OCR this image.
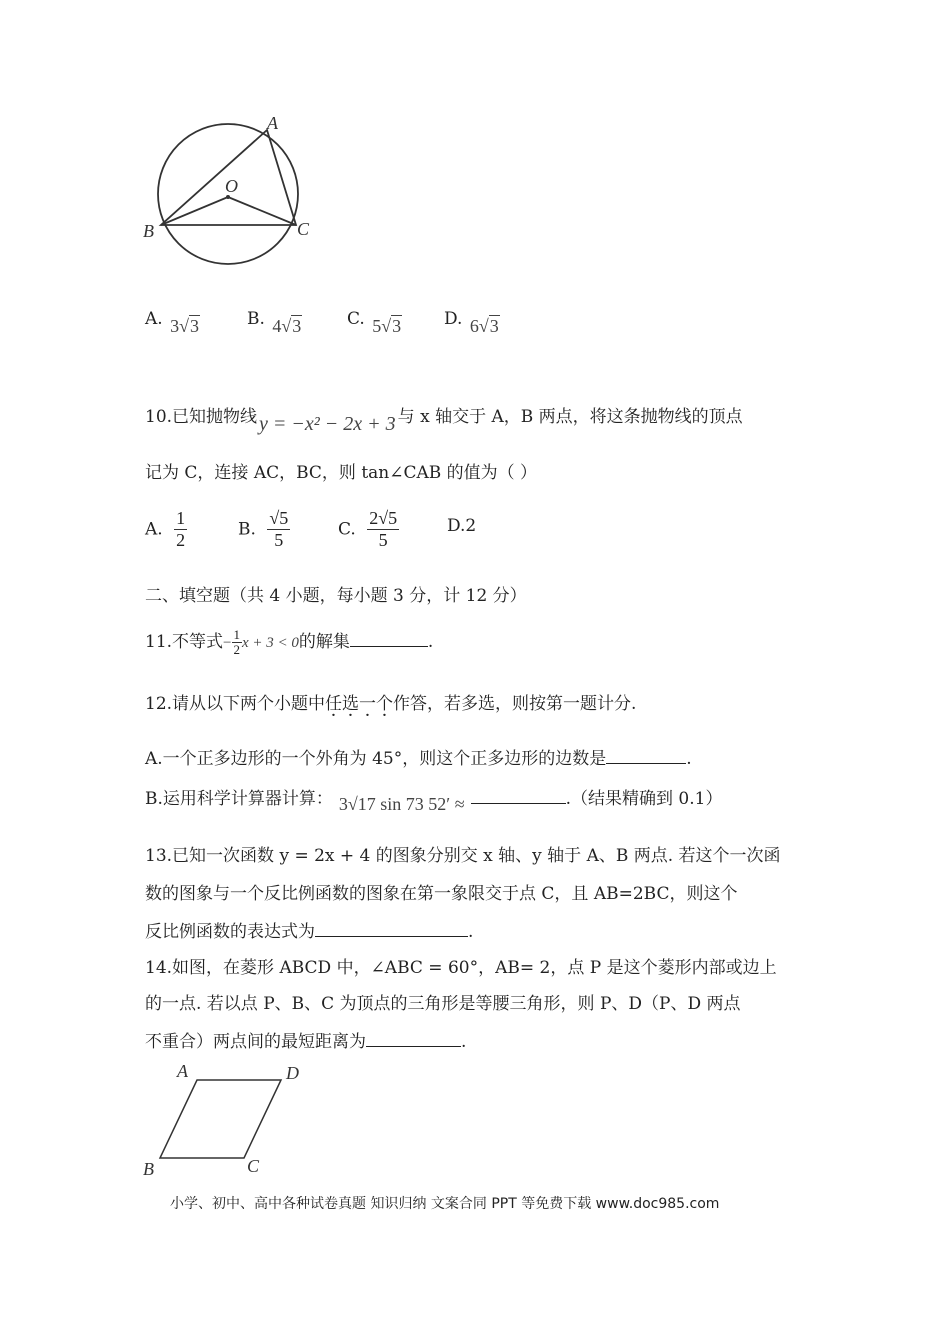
A
O
B	C
A. 3√3	B. 4√3	C. 5√3	D. 6√3
10.已知抛物线 y = −x² − 2x + 3 与 x 轴交于 A，B 两点，将这条抛物线的顶点
记为 C，连接 AC，BC，则 tan∠CAB 的值为（ ）
A. $\frac{1}{2}$	B. $\frac{√5}{5}$	C. $\frac{2√5}{5}$	D.2
二、填空题（共 4 小题，每小题 3 分，计 12 分）
11.不等式− $\frac{1}{2}$ x + 3 < 0的解集	.
12.请从以下两个小题中任选一个作答，若多选，则按第一题计分.
A.一个正多边形的一个外角为 45°，则这个正多边形的边数是	.
B.运用科学计算器计算： 3√17 sin 73 52′ ≈	.（结果精确到 0.1）
13.已知一次函数 y = 2x + 4 的图象分别交 x 轴、y 轴于 A、B 两点. 若这个一次函
数的图象与一个反比例函数的图象在第一象限交于点 C，且 AB=2BC，则这个
反比例函数的表达式为	.
14.如图，在菱形 ABCD 中，∠ABC = 60°，AB= 2，点 P 是这个菱形内部或边上
的一点. 若以点 P、B、C 为顶点的三角形是等腰三角形，则 P、D（P、D 两点
不重合）两点间的最短距离为	.
A	D
B	C
小学、初中、高中各种试卷真题 知识归纳 文案合同 PPT 等免费下载 www.doc985.com
